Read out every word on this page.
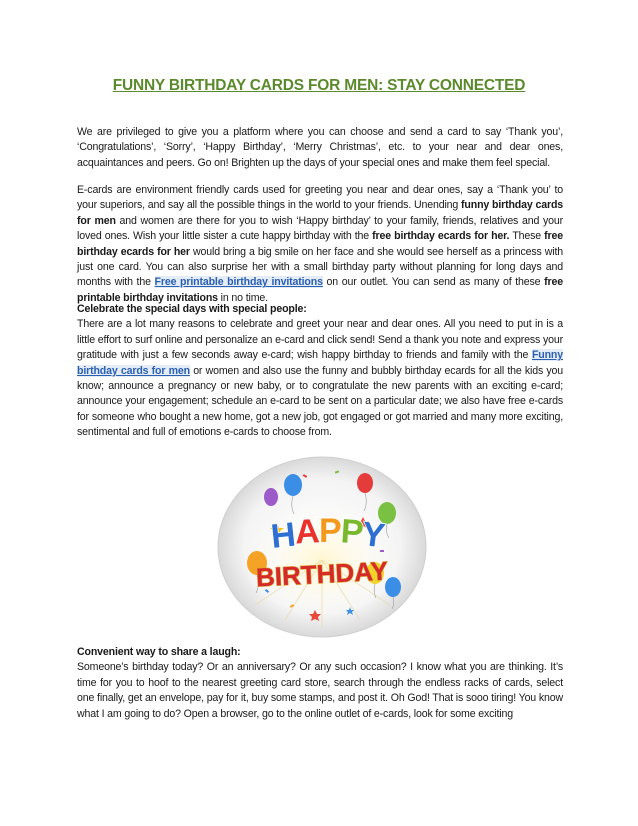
FUNNY BIRTHDAY CARDS FOR MEN: STAY CONNECTED

We are privileged to give you a platform where you can choose and send a card to say ‘Thank you’, ‘Congratulations’, ‘Sorry’, ‘Happy Birthday’, ‘Merry Christmas’, etc. to your near and dear ones, acquaintances and peers. Go on! Brighten up the days of your special ones and make them feel special.

E-cards are environment friendly cards used for greeting you near and dear ones, say a ‘Thank you’ to your superiors, and say all the possible things in the world to your friends. Unending funny birthday cards for men and women are there for you to wish ‘Happy birthday’ to your family, friends, relatives and your loved ones. Wish your little sister a cute happy birthday with the free birthday ecards for her. These free birthday ecards for her would bring a big smile on her face and she would see herself as a princess with just one card. You can also surprise her with a small birthday party without planning for long days and months with the Free printable birthday invitations on our outlet. You can send as many of these free printable birthday invitations in no time.

Celebrate the special days with special people:
There are a lot many reasons to celebrate and greet your near and dear ones. All you need to put in is a little effort to surf online and personalize an e-card and click send! Send a thank you note and express your gratitude with just a few seconds away e-card; wish happy birthday to friends and family with the Funny birthday cards for men or women and also use the funny and bubbly birthday ecards for all the kids you know; announce a pregnancy or new baby, or to congratulate the new parents with an exciting e-card; announce your engagement; schedule an e-card to be sent on a particular date; we also have free e-cards for someone who bought a new home, got a new job, got engaged or got married and many more exciting, sentimental and full of emotions e-cards to choose from.
H
A
P
P
Y
BIRTHDAY
Convenient way to share a laugh:
Someone’s birthday today? Or an anniversary? Or any such occasion? I know what you are thinking. It’s time for you to hoof to the nearest greeting card store, search through the endless racks of cards, select one finally, get an envelope, pay for it, buy some stamps, and post it. Oh God! That is sooo tiring! You know what I am going to do? Open a browser, go to the online outlet of e-cards, look for some exciting
